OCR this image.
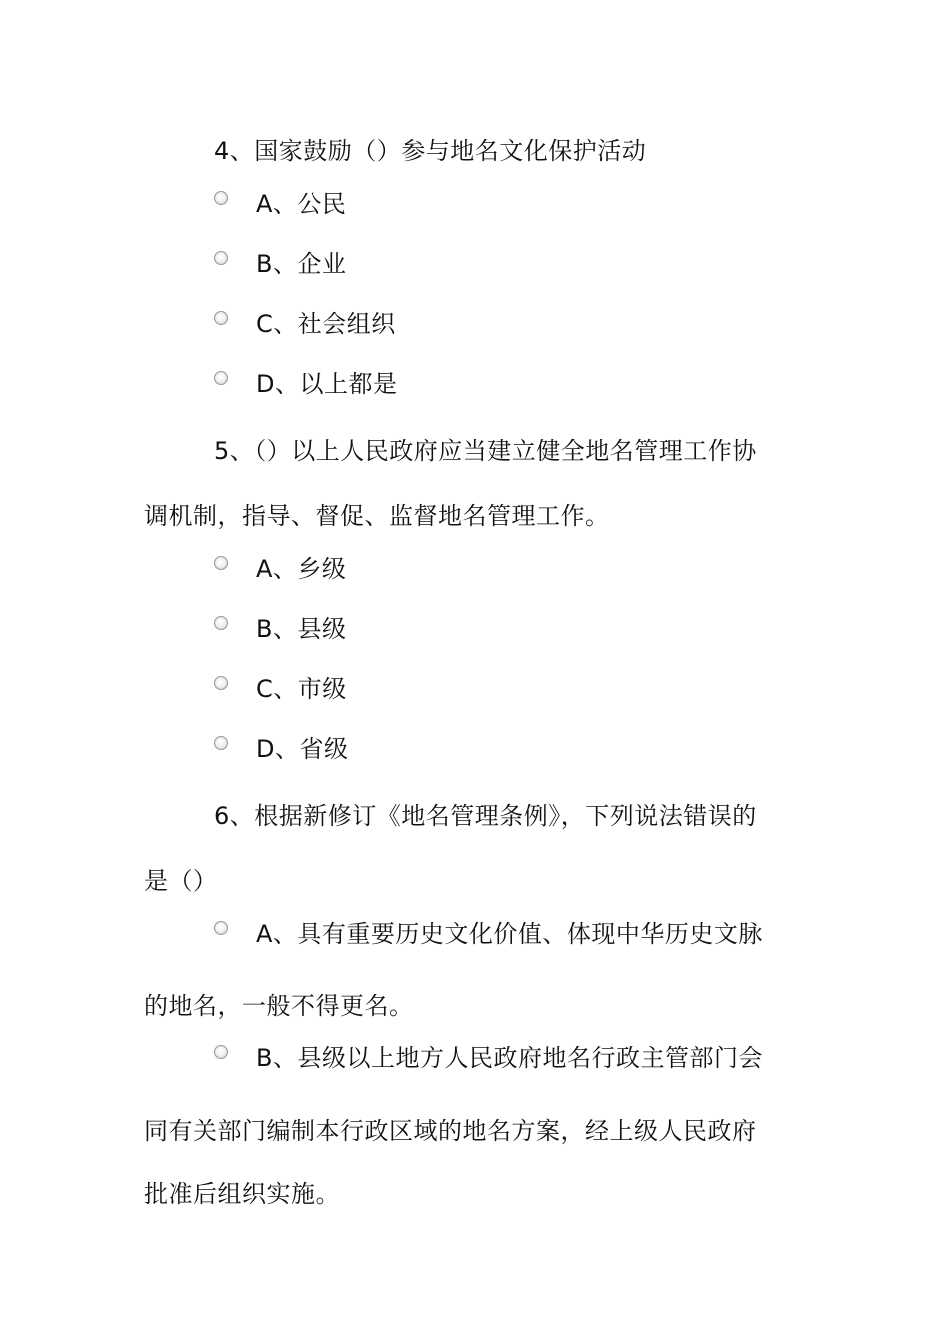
4、国家鼓励（）参与地名文化保护活动
A、公民
B、企业
C、社会组织
D、以上都是
5、（）以上人民政府应当建立健全地名管理工作协
调机制，指导、督促、监督地名管理工作。
A、乡级
B、县级
C、市级
D、省级
6、根据新修订《地名管理条例》，下列说法错误的
是（）
A、具有重要历史文化价值、体现中华历史文脉
的地名，一般不得更名。
B、县级以上地方人民政府地名行政主管部门会
同有关部门编制本行政区域的地名方案，经上级人民政府
批准后组织实施。
